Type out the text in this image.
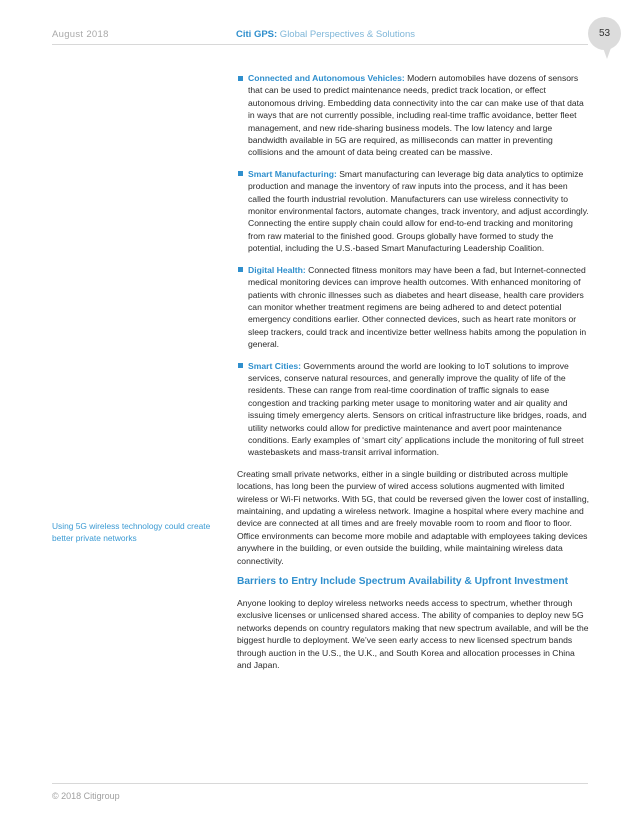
August 2018	Citi GPS: Global Perspectives & Solutions	53
Connected and Autonomous Vehicles: Modern automobiles have dozens of sensors that can be used to predict maintenance needs, predict track location, or effect autonomous driving. Embedding data connectivity into the car can make use of that data in ways that are not currently possible, including real-time traffic avoidance, better fleet management, and new ride-sharing business models. The low latency and large bandwidth available in 5G are required, as milliseconds can matter in preventing collisions and the amount of data being created can be massive.
Smart Manufacturing: Smart manufacturing can leverage big data analytics to optimize production and manage the inventory of raw inputs into the process, and it has been called the fourth industrial revolution. Manufacturers can use wireless connectivity to monitor environmental factors, automate changes, track inventory, and adjust accordingly. Connecting the entire supply chain could allow for end-to-end tracking and monitoring from raw material to the finished good. Groups globally have formed to study the potential, including the U.S.-based Smart Manufacturing Leadership Coalition.
Digital Health: Connected fitness monitors may have been a fad, but Internet-connected medical monitoring devices can improve health outcomes. With enhanced monitoring of patients with chronic illnesses such as diabetes and heart disease, health care providers can monitor whether treatment regimens are being adhered to and detect potential emergency conditions earlier. Other connected devices, such as heart rate monitors or sleep trackers, could track and incentivize better wellness habits among the population in general.
Smart Cities: Governments around the world are looking to IoT solutions to improve services, conserve natural resources, and generally improve the quality of life of the residents. These can range from real-time coordination of traffic signals to ease congestion and tracking parking meter usage to monitoring water and air quality and issuing timely emergency alerts. Sensors on critical infrastructure like bridges, roads, and utility networks could allow for predictive maintenance and avert poor maintenance conditions. Early examples of ‘smart city’ applications include the monitoring of full street wastebaskets and mass-transit arrival information.

Creating small private networks, either in a single building or distributed across multiple locations, has long been the purview of wired access solutions augmented with limited wireless or Wi-Fi networks. With 5G, that could be reversed given the lower cost of installing, maintaining, and updating a wireless network. Imagine a hospital where every machine and device are connected at all times and are freely movable room to room and floor to floor. Office environments can become more mobile and adaptable with employees taking devices anywhere in the building, or even outside the building, while maintaining wireless data connectivity.

Barriers to Entry Include Spectrum Availability & Upfront Investment

Anyone looking to deploy wireless networks needs access to spectrum, whether through exclusive licenses or unlicensed shared access. The ability of companies to deploy new 5G networks depends on country regulators making that new spectrum available, and will be the biggest hurdle to deployment. We’ve seen early access to new licensed spectrum bands through auction in the U.S., the U.K., and South Korea and allocation processes in China and Japan.

Using 5G wireless technology could create better private networks
© 2018 Citigroup
